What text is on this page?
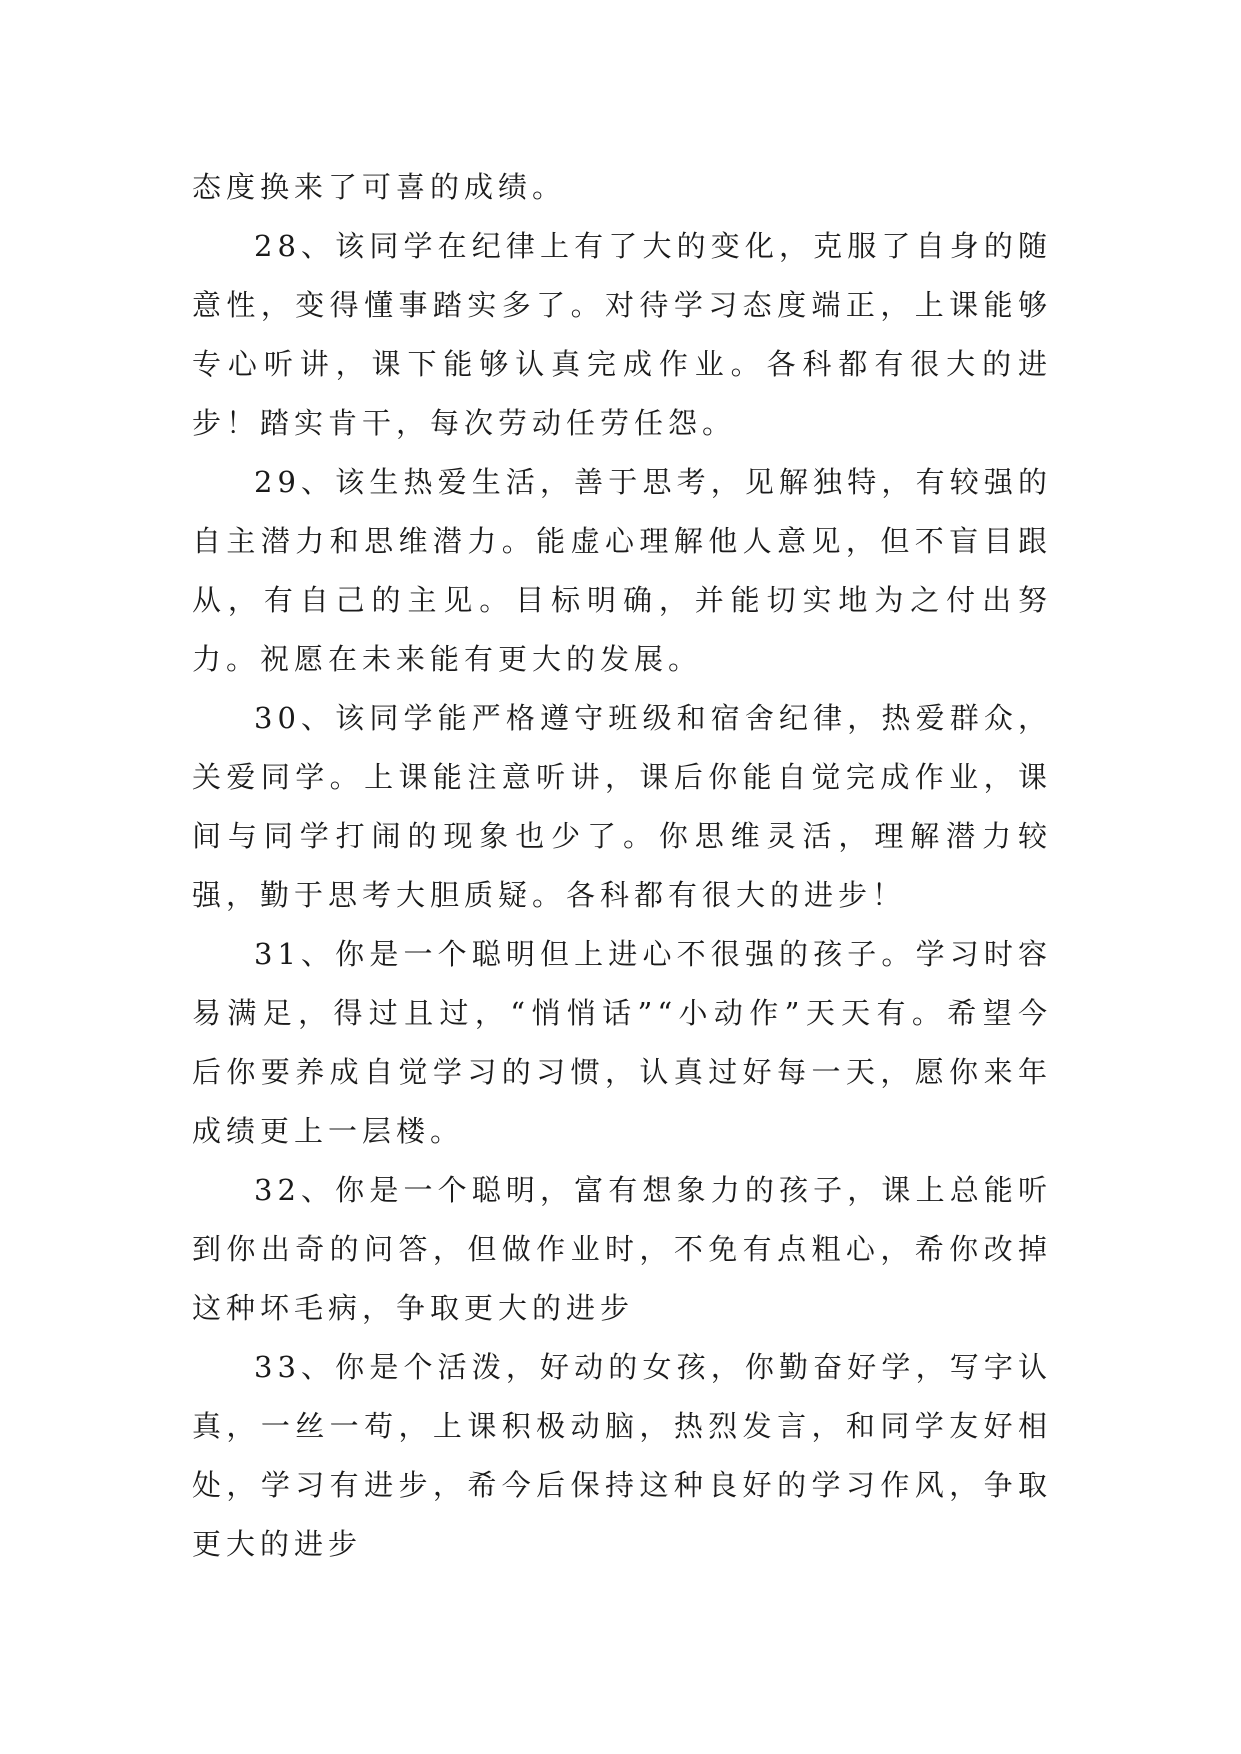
态度换来了可喜的成绩。

28、该同学在纪律上有了大的变化，克服了自身的随意性，变得懂事踏实多了。对待学习态度端正，上课能够专心听讲，课下能够认真完成作业。各科都有很大的进步！踏实肯干，每次劳动任劳任怨。

29、该生热爱生活，善于思考，见解独特，有较强的自主潜力和思维潜力。能虚心理解他人意见，但不盲目跟从，有自己的主见。目标明确，并能切实地为之付出努力。祝愿在未来能有更大的发展。

30、该同学能严格遵守班级和宿舍纪律，热爱群众，关爱同学。上课能注意听讲，课后你能自觉完成作业，课间与同学打闹的现象也少了。你思维灵活，理解潜力较强，勤于思考大胆质疑。各科都有很大的进步！

31、你是一个聪明但上进心不很强的孩子。学习时容易满足，得过且过，“悄悄话”“小动作”天天有。希望今后你要养成自觉学习的习惯，认真过好每一天，愿你来年成绩更上一层楼。

32、你是一个聪明，富有想象力的孩子，课上总能听到你出奇的问答，但做作业时，不免有点粗心，希你改掉这种坏毛病，争取更大的进步

33、你是个活泼，好动的女孩，你勤奋好学，写字认真，一丝一苟，上课积极动脑，热烈发言，和同学友好相处，学习有进步，希今后保持这种良好的学习作风，争取更大的进步
